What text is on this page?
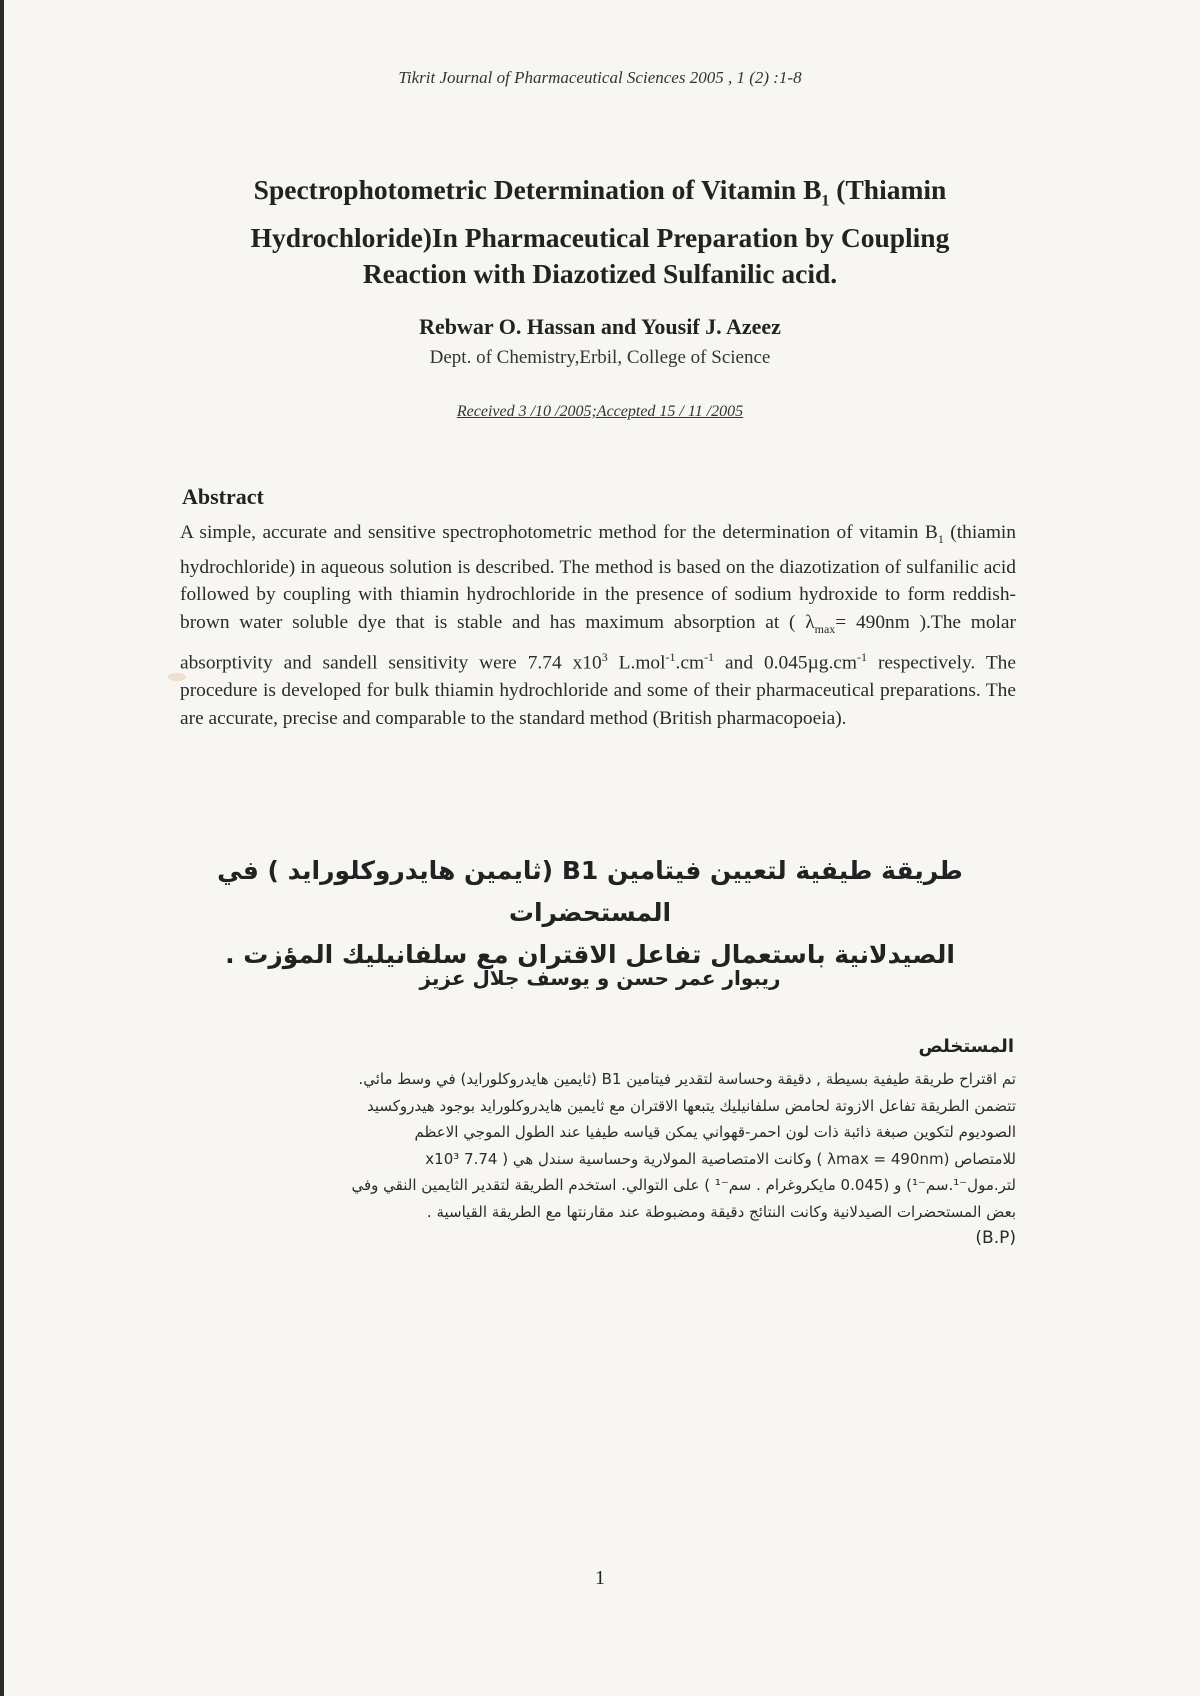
Tikrit Journal of Pharmaceutical Sciences 2005 , 1 (2) :1-8
Spectrophotometric Determination of Vitamin $B_1$ (Thiamin
Hydrochloride)In Pharmaceutical Preparation by Coupling
Reaction with Diazotized Sulfanilic acid.
Rebwar O. Hassan and Yousif J. Azeez
Dept. of Chemistry,Erbil, College of Science
Received 3 /10 /2005;Accepted 15 / 11 /2005
Abstract
A simple, accurate and sensitive spectrophotometric method for the determination of vitamin $B_1$ (thiamin hydrochloride) in aqueous solution is described. The method is based on the diazotization of sulfanilic acid followed by coupling with thiamin hydrochloride in the presence of sodium hydroxide to form reddish-brown water soluble dye that is stable and has maximum absorption at ( $\lambda_{max}= 490nm$ ).The molar absorptivity and sandell sensitivity were 7.74 $x10^3$ $L.mol^{-1}.cm^{-1}$ and $0.045\mu g.cm^{-1}$ respectively. The procedure is developed for bulk thiamin hydrochloride and some of their pharmaceutical preparations. The are accurate, precise and comparable to the standard method (British pharmacopoeia).
طريقة طيفية لتعيين فيتامين B1 (ثايمين هايدروكلورايد ) في المستحضرات
الصيدلانية باستعمال تفاعل الاقتران مع سلفانيليك المؤزت .
ريبوار عمر حسن و يوسف جلال عزيز
المستخلص
تم اقتراح طريقة طيفية بسيطة , دقيقة وحساسة لتقدير فيتامين B1 (ثايمين هايدروكلورايد) في وسط مائي.
تتضمن الطريقة تفاعل الازوتة لحامض سلفانيليك يتبعها الاقتران مع ثايمين هايدروكلورايد بوجود هيدروكسيد
الصوديوم لتكوين صبغة ذائبة ذات لون احمر-قهواني يمكن قياسه طيفيا عند الطول الموجي الاعظم
للامتصاص (λmax = 490nm ) وكانت الامتصاصية المولارية وحساسية سندل هي ( 7.74 x10³
لتر.مول⁻¹.سم⁻¹) و (0.045 مايكروغرام . سم⁻¹ ) على التوالي. استخدم الطريقة لتقدير الثايمين النقي وفي
بعض المستحضرات الصيدلانية وكانت النتائج دقيقة ومضبوطة عند مقارنتها مع الطريقة القياسية .
(B.P)
1
